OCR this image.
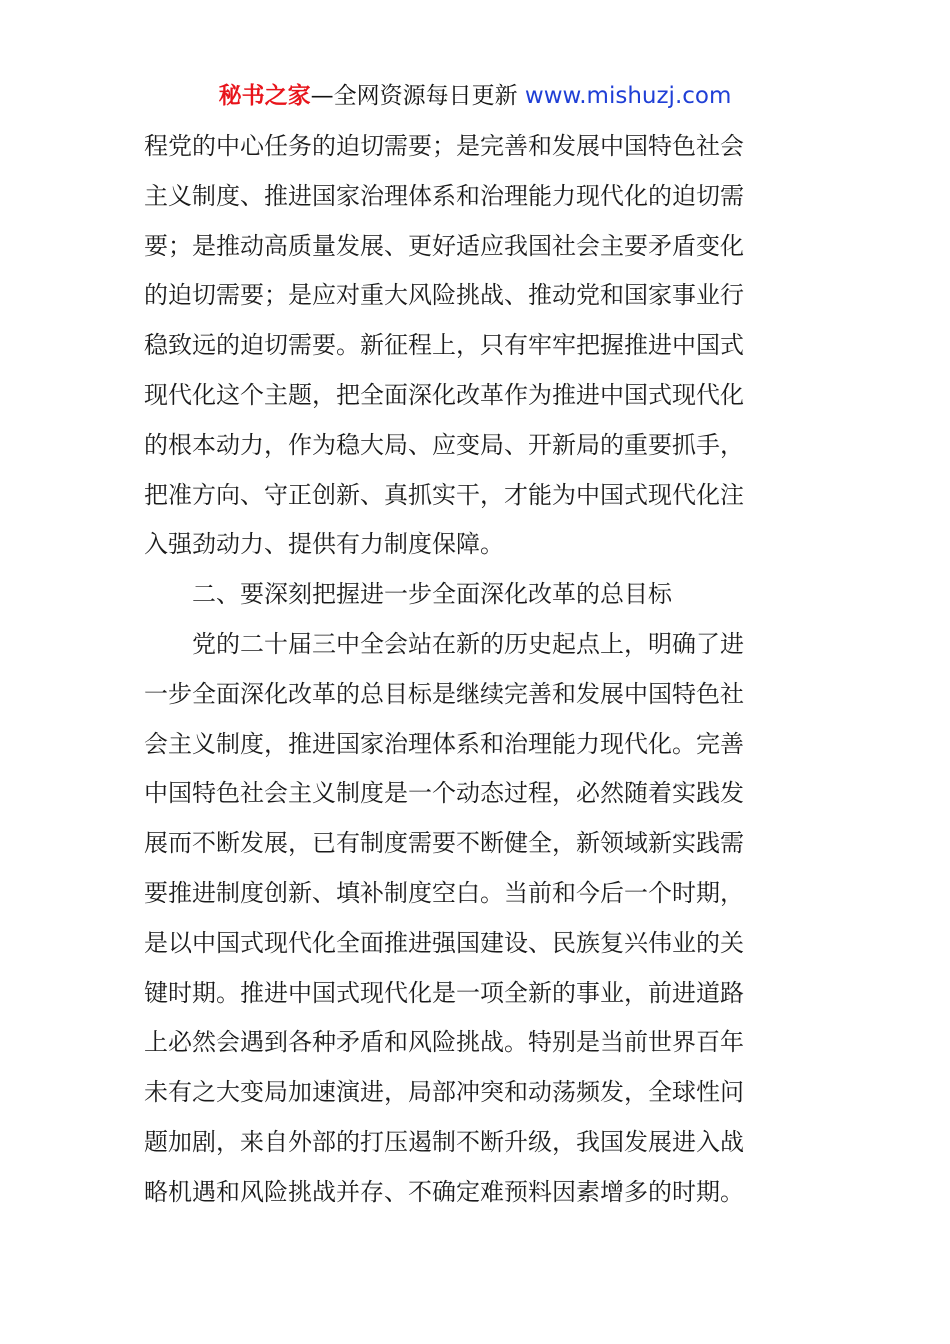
秘书之家—全网资源每日更新 www.mishuzj.com
程党的中心任务的迫切需要；是完善和发展中国特色社会
主义制度、推进国家治理体系和治理能力现代化的迫切需
要；是推动高质量发展、更好适应我国社会主要矛盾变化
的迫切需要；是应对重大风险挑战、推动党和国家事业行
稳致远的迫切需要。新征程上，只有牢牢把握推进中国式
现代化这个主题，把全面深化改革作为推进中国式现代化
的根本动力，作为稳大局、应变局、开新局的重要抓手，
把准方向、守正创新、真抓实干，才能为中国式现代化注
入强劲动力、提供有力制度保障。
二、要深刻把握进一步全面深化改革的总目标
党的二十届三中全会站在新的历史起点上，明确了进
一步全面深化改革的总目标是继续完善和发展中国特色社
会主义制度，推进国家治理体系和治理能力现代化。完善
中国特色社会主义制度是一个动态过程，必然随着实践发
展而不断发展，已有制度需要不断健全，新领域新实践需
要推进制度创新、填补制度空白。当前和今后一个时期，
是以中国式现代化全面推进强国建设、民族复兴伟业的关
键时期。推进中国式现代化是一项全新的事业，前进道路
上必然会遇到各种矛盾和风险挑战。特别是当前世界百年
未有之大变局加速演进，局部冲突和动荡频发，全球性问
题加剧，来自外部的打压遏制不断升级，我国发展进入战
略机遇和风险挑战并存、不确定难预料因素增多的时期。
